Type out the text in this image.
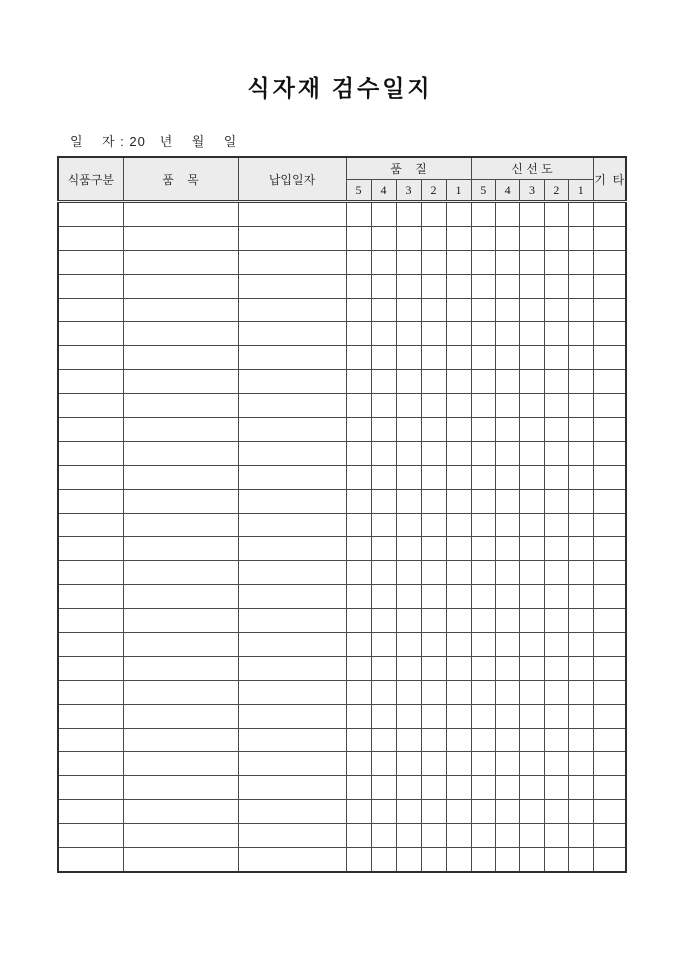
식자재 검수일지
일    자 : 20   년    월    일
식품구분	품    목	납입일자	품    질					신 선 도					기  타
			5	4	3	2	1	5	4	3	2	1	
